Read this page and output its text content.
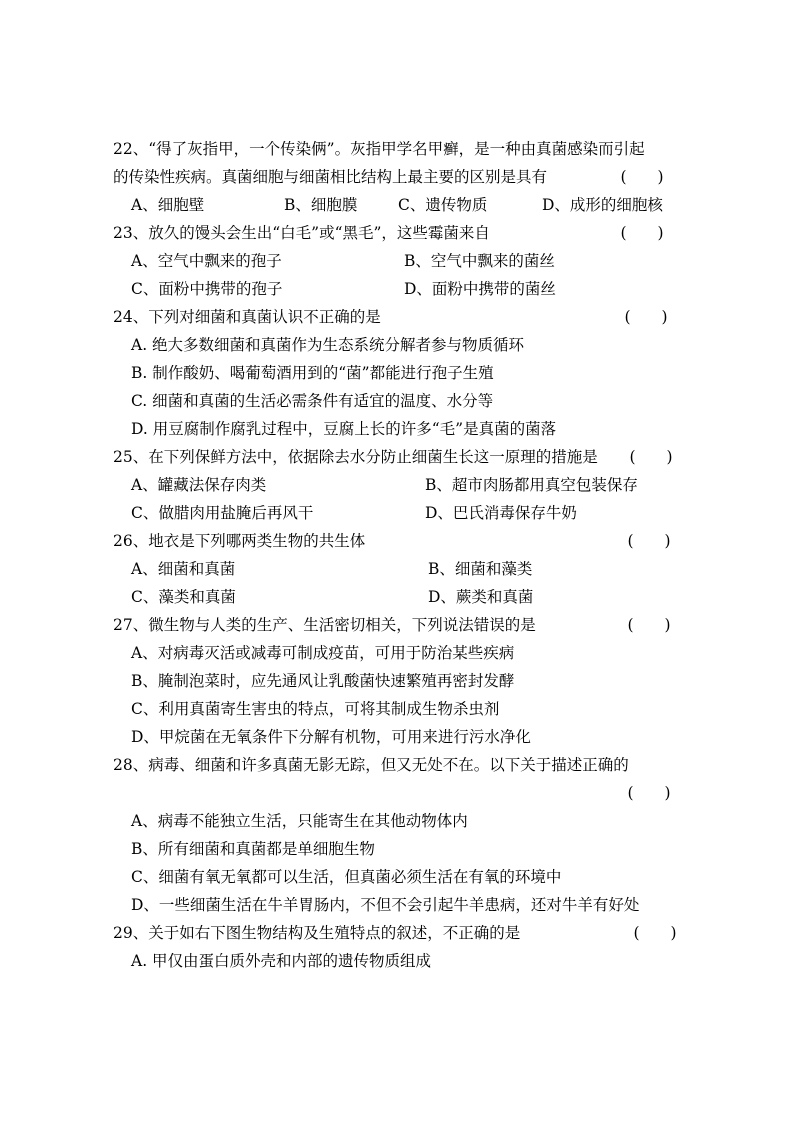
22、“得了灰指甲，一个传染俩”。灰指甲学名甲癣，是一种由真菌感染而引起
的传染性疾病。真菌细胞与细菌相比结构上最主要的区别是具有	(　　)
A、细胞壁	B、细胞膜	C、遗传物质	D、成形的细胞核
23、放久的馒头会生出“白毛”或“黑毛”，这些霉菌来自	(　　)
A、空气中飘来的孢子	B、空气中飘来的菌丝
C、面粉中携带的孢子	D、面粉中携带的菌丝
24、下列对细菌和真菌认识不正确的是	(　　)
A. 绝大多数细菌和真菌作为生态系统分解者参与物质循环
B. 制作酸奶、喝葡萄酒用到的“菌”都能进行孢子生殖
C. 细菌和真菌的生活必需条件有适宜的温度、水分等
D. 用豆腐制作腐乳过程中，豆腐上长的许多“毛”是真菌的菌落
25、在下列保鲜方法中，依据除去水分防止细菌生长这一原理的措施是	(　　)
A、罐藏法保存肉类	B、超市肉肠都用真空包装保存
C、做腊肉用盐腌后再风干	D、巴氏消毒保存牛奶
26、地衣是下列哪两类生物的共生体	(　　)
A、细菌和真菌	B、细菌和藻类
C、藻类和真菌	D、蕨类和真菌
27、微生物与人类的生产、生活密切相关，下列说法错误的是	(　　)
A、对病毒灭活或减毒可制成疫苗，可用于防治某些疾病
B、腌制泡菜时，应先通风让乳酸菌快速繁殖再密封发酵
C、利用真菌寄生害虫的特点，可将其制成生物杀虫剂
D、甲烷菌在无氧条件下分解有机物，可用来进行污水净化
28、病毒、细菌和许多真菌无影无踪，但又无处不在。以下关于描述正确的
(　　)
A、病毒不能独立生活，只能寄生在其他动物体内
B、所有细菌和真菌都是单细胞生物
C、细菌有氧无氧都可以生活，但真菌必须生活在有氧的环境中
D、一些细菌生活在牛羊胃肠内，不但不会引起牛羊患病，还对牛羊有好处
29、关于如右下图生物结构及生殖特点的叙述，不正确的是	(　　)
A. 甲仅由蛋白质外壳和内部的遗传物质组成
